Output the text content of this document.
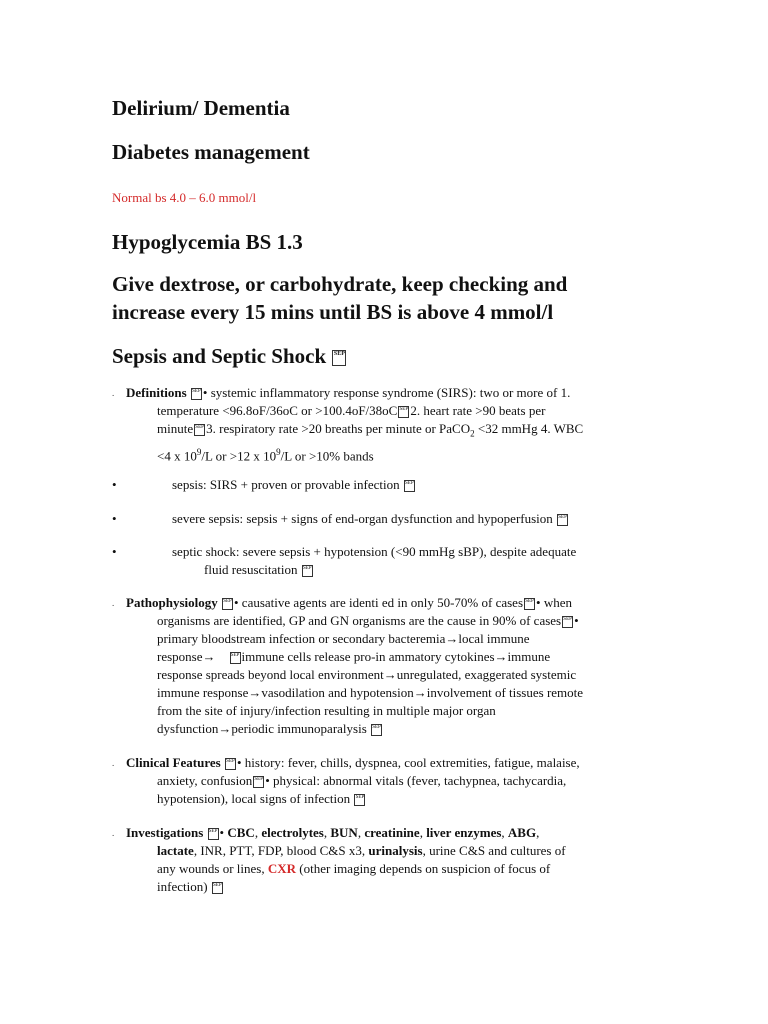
Delirium/ Dementia
Diabetes management
Normal bs 4.0 – 6.0 mmol/l
Hypoglycemia BS 1.3
Give dextrose, or carbohydrate, keep checking and
increase every 15 mins until BS is above 4 mmol/l
Sepsis and Septic Shock SEP
. Definitions SEP • systemic inflammatory response syndrome (SIRS): two or more of 1.
temperature <96.8oF/36oC or >100.4oF/38oC SEP 2. heart rate >90 beats per
minute SEP 3. respiratory rate >20 breaths per minute or PaCO$_2$ <32 mmHg 4. WBC
<4 x $10^9/L$ or >12 x $10^9/L$ or >10% bands
•	sepsis: SIRS + proven or provable infection SEP
•	severe sepsis: sepsis + signs of end-organ dysfunction and hypoperfusion SEP
•	septic shock: severe sepsis + hypotension (<90 mmHg sBP), despite adequate
fluid resuscitation SEP
. Pathophysiology SEP • causative agents are identi ed in only 50-70% of cases SEP • when
organisms are identified, GP and GN organisms are the cause in 90% of cases SEP •
primary bloodstream infection or secondary bacteremia→local immune
response→	SEP immune cells release pro-in ammatory cytokines→immune
response spreads beyond local environment→unregulated, exaggerated systemic
immune response→vasodilation and hypotension→involvement of tissues remote
from the site of injury/infection resulting in multiple major organ
dysfunction→periodic immunoparalysis SEP
. Clinical Features SEP • history: fever, chills, dyspnea, cool extremities, fatigue, malaise,
anxiety, confusion SEP • physical: abnormal vitals (fever, tachypnea, tachycardia,
hypotension), local signs of infection SEP
. Investigations SEP • CBC, electrolytes, BUN, creatinine, liver enzymes, ABG,
lactate, INR, PTT, FDP, blood C&S x3, urinalysis, urine C&S and cultures of
any wounds or lines, CXR (other imaging depends on suspicion of focus of
infection) SEP
